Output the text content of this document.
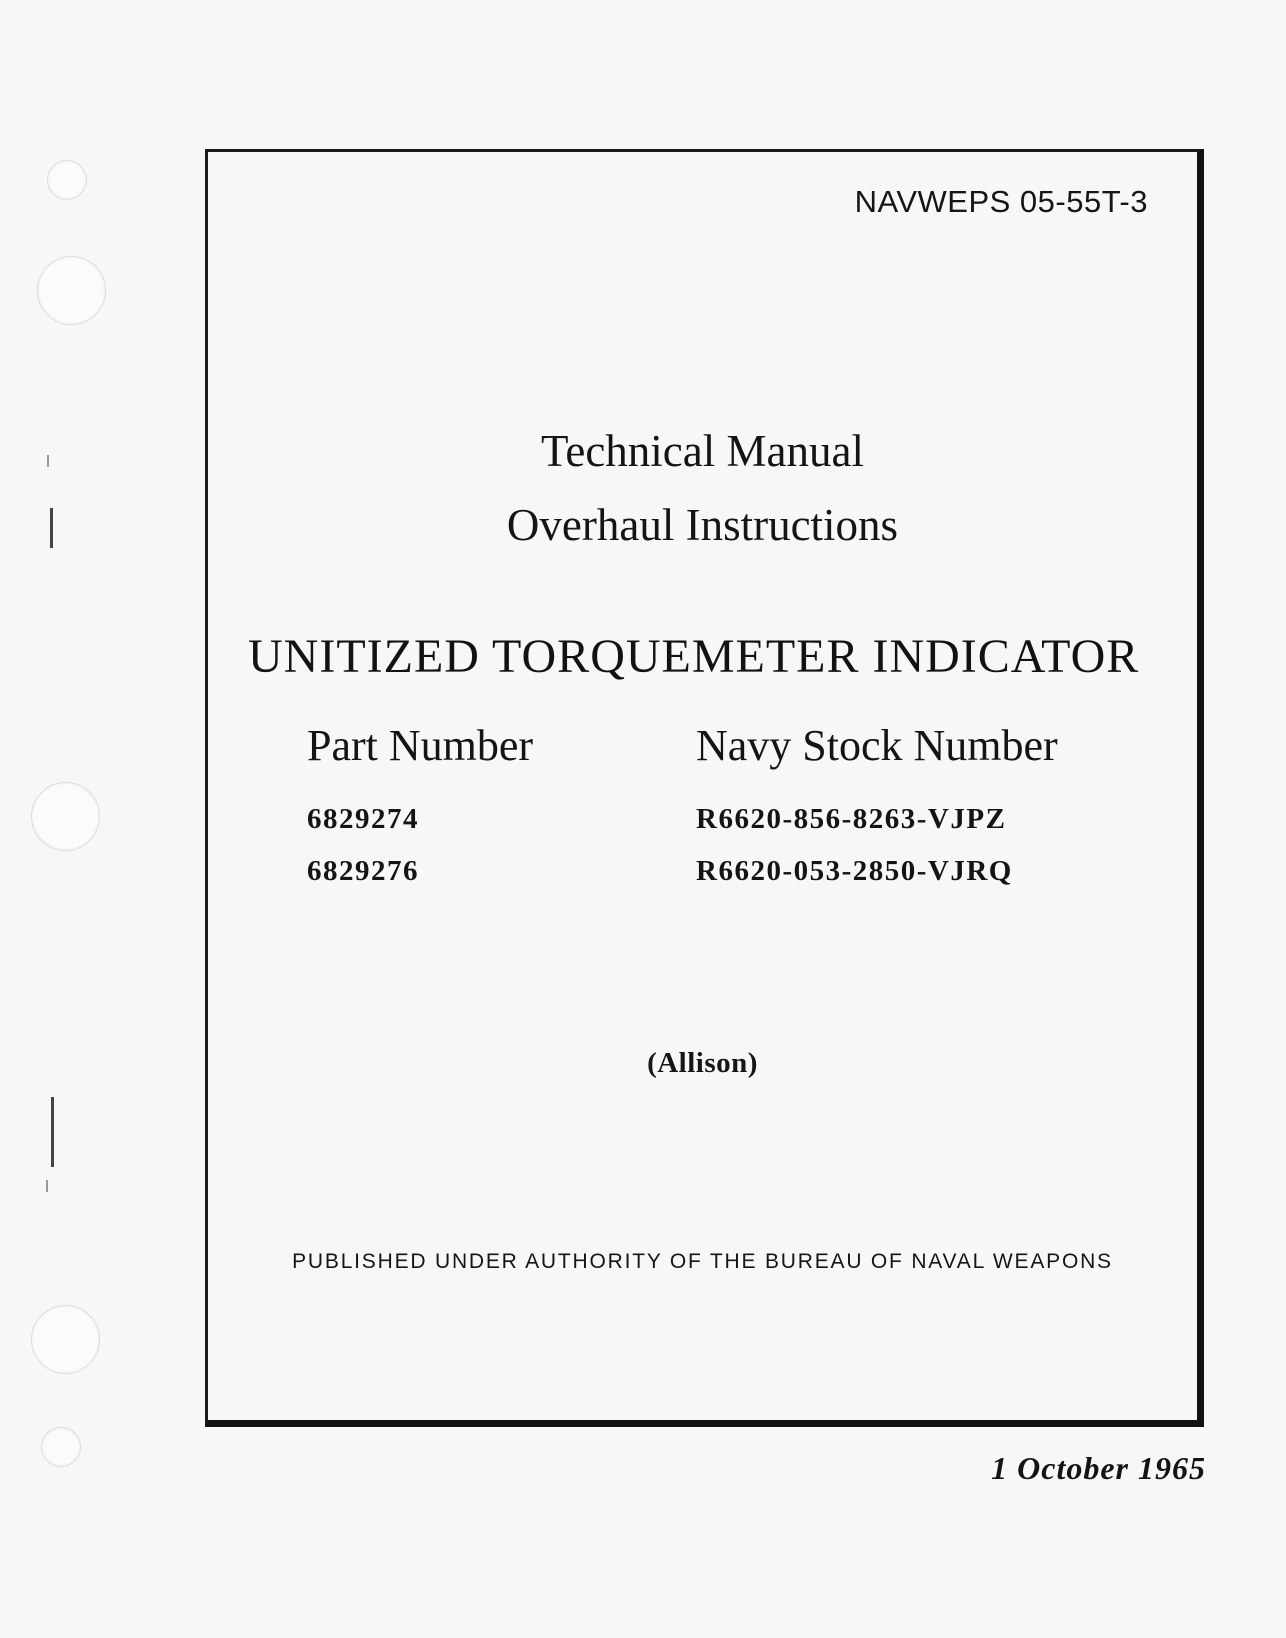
NAVWEPS 05-55T-3
Technical Manual
Overhaul Instructions
UNITIZED TORQUEMETER INDICATOR
Part Number	Navy Stock Number
6829274	R6620-856-8263-VJPZ
6829276	R6620-053-2850-VJRQ
(Allison)
PUBLISHED UNDER AUTHORITY OF THE BUREAU OF NAVAL WEAPONS
1 October 1965
